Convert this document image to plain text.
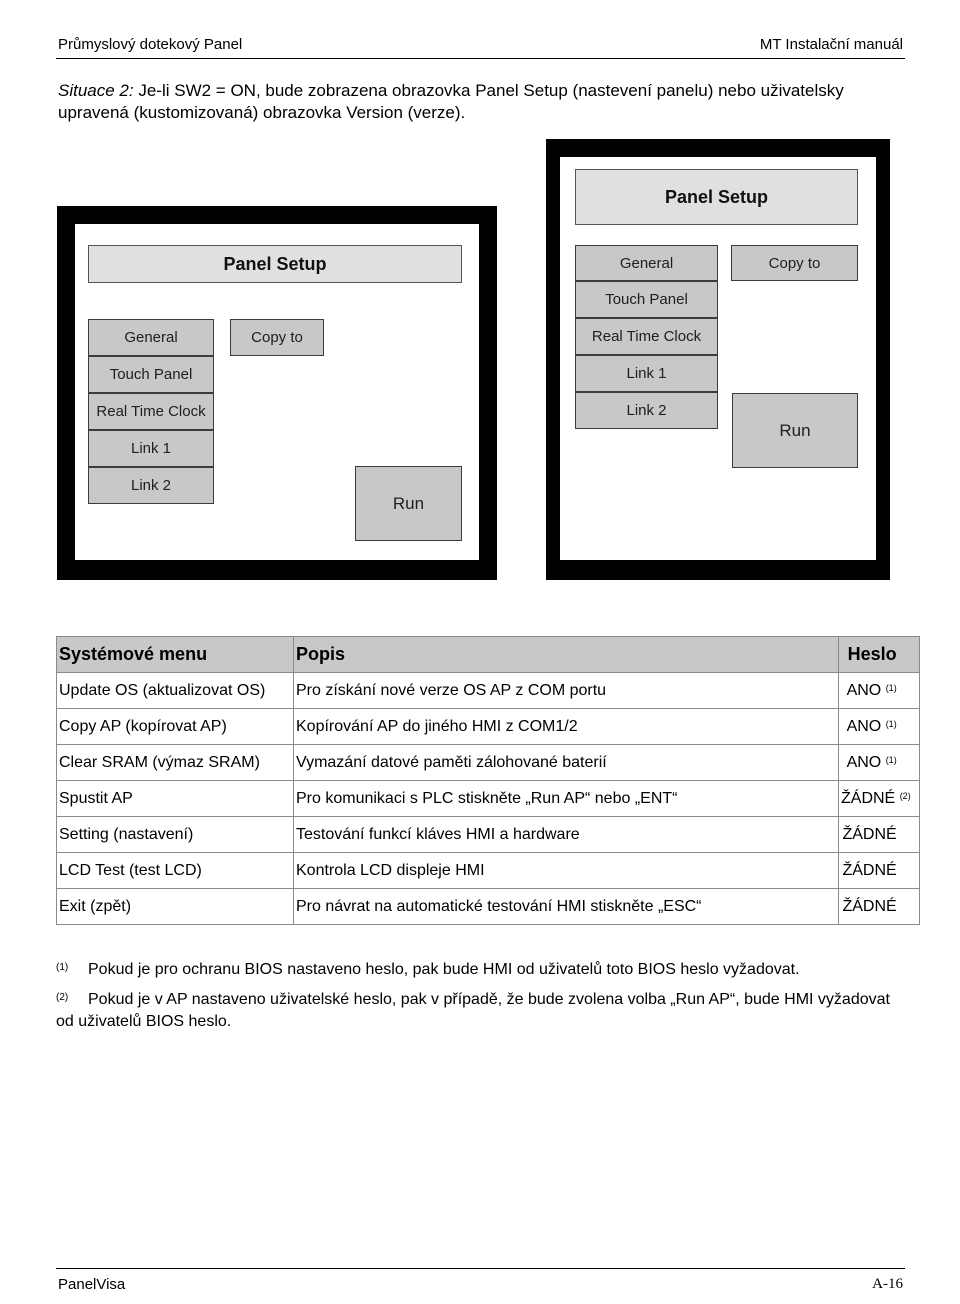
Průmyslový dotekový Panel	MT Instalační manuál
Situace 2: Je-li SW2 = ON, bude zobrazena obrazovka Panel Setup (nastevení panelu) nebo uživatelsky upravená (kustomizovaná) obrazovka Version (verze).
Panel Setup
General	Copy to
Touch Panel
Real Time Clock
Link 1
Link 2
Run
Panel Setup
General	Copy to
Touch Panel
Real Time Clock
Link 1
Link 2
Run
Systémové menu	Popis	Heslo
Update OS (aktualizovat OS)	Pro získání nové verze OS AP z COM portu	ANO $^{(1)}$
Copy AP (kopírovat AP)	Kopírování AP do jiného HMI z COM1/2	ANO $^{(1)}$
Clear SRAM (výmaz SRAM)	Vymazání datové paměti zálohované baterií	ANO $^{(1)}$
Spustit AP	Pro komunikaci s PLC stiskněte „Run AP“ nebo „ENT“	ŽÁDNÉ $^{(2)}$
Setting (nastavení)	Testování funkcí kláves HMI a hardware	ŽÁDNÉ
LCD Test (test LCD)	Kontrola LCD displeje HMI	ŽÁDNÉ
Exit (zpět)	Pro návrat na automatické testování HMI stiskněte „ESC“	ŽÁDNÉ
(1) Pokud je pro ochranu BIOS nastaveno heslo, pak bude HMI od uživatelů toto BIOS heslo vyžadovat.
(2) Pokud je v AP nastaveno uživatelské heslo, pak v případě, že bude zvolena volba „Run AP“, bude HMI vyžadovat od uživatelů BIOS heslo.
PanelVisa	A-16
